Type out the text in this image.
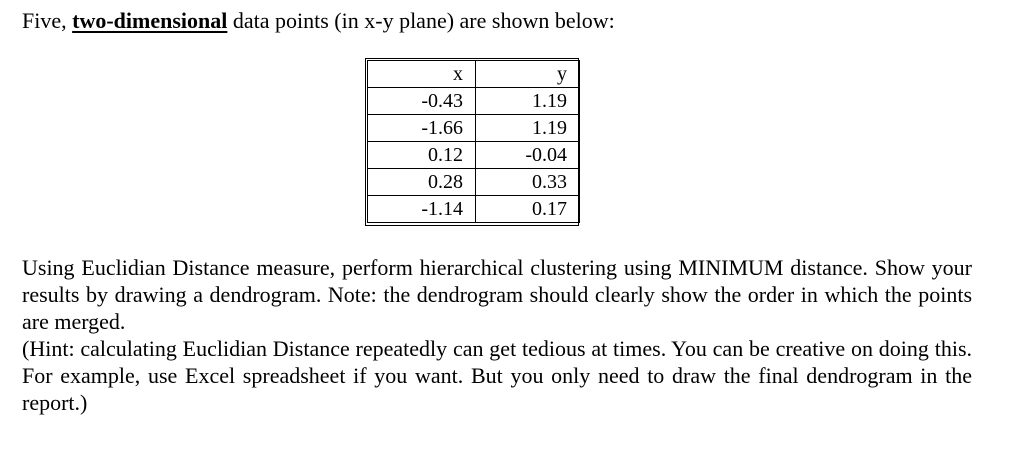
Five, two-dimensional data points (in x-y plane) are shown below:
x	y
-0.43	1.19
-1.66	1.19
0.12	-0.04
0.28	0.33
-1.14	0.17

Using Euclidian Distance measure, perform hierarchical clustering using MINIMUM distance. Show your results by drawing a dendrogram. Note: the dendrogram should clearly show the order in which the points are merged.

(Hint: calculating Euclidian Distance repeatedly can get tedious at times. You can be creative on doing this. For example, use Excel spreadsheet if you want. But you only need to draw the final dendrogram in the report.)
